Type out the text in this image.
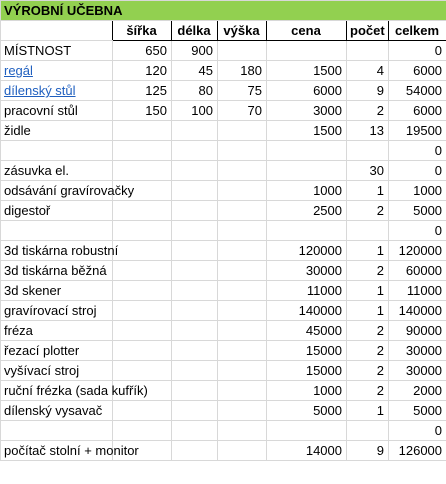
VÝROBNÍ UČEBNA						
	šířka	délka	výška	cena	počet	celkem
MÍSTNOST	650	900				0
regál	120	45	180	1500	4	6000
dílenský stůl	125	80	75	6000	9	54000
pracovní stůl	150	100	70	3000	2	6000
židle				1500	13	19500
						0
zásuvka el.					30	0
odsávání gravírovačky				1000	1	1000
digestoř				2500	2	5000
						0
3d tiskárna robustní				120000	1	120000
3d tiskárna běžná				30000	2	60000
3d skener				11000	1	11000
gravírovací stroj				140000	1	140000
fréza				45000	2	90000
řezací plotter				15000	2	30000
vyšívací stroj				15000	2	30000
ruční frézka (sada kufřík)				1000	2	2000
dílenský vysavač				5000	1	5000
						0
počítač stolní + monitor				14000	9	126000
